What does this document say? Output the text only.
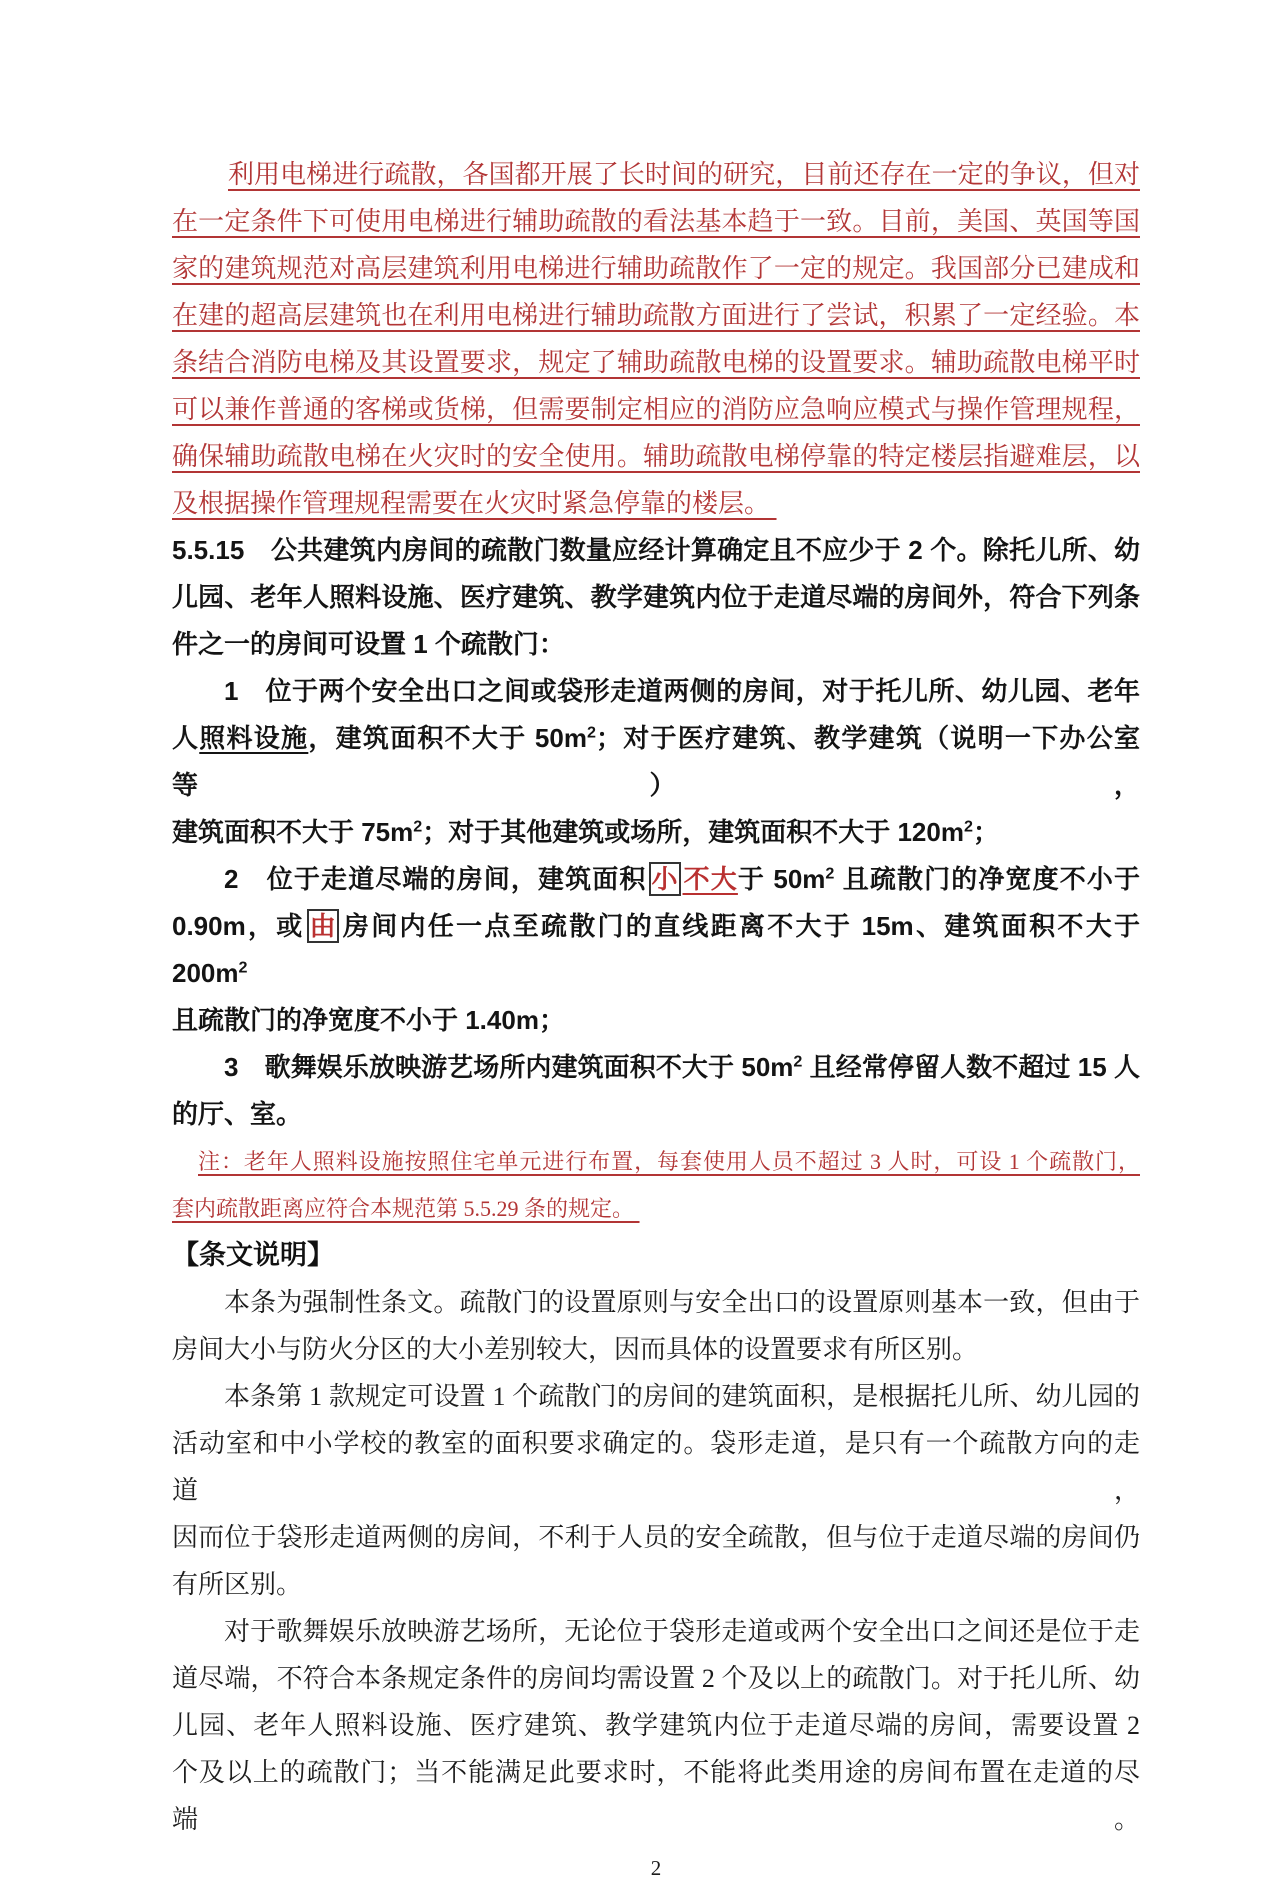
利用电梯进行疏散，各国都开展了长时间的研究，目前还存在一定的争议，但对
在一定条件下可使用电梯进行辅助疏散的看法基本趋于一致。目前，美国、英国等国
家的建筑规范对高层建筑利用电梯进行辅助疏散作了一定的规定。我国部分已建成和
在建的超高层建筑也在利用电梯进行辅助疏散方面进行了尝试，积累了一定经验。本
条结合消防电梯及其设置要求，规定了辅助疏散电梯的设置要求。辅助疏散电梯平时
可以兼作普通的客梯或货梯，但需要制定相应的消防应急响应模式与操作管理规程，
确保辅助疏散电梯在火灾时的安全使用。辅助疏散电梯停靠的特定楼层指避难层，以
及根据操作管理规程需要在火灾时紧急停靠的楼层。
5.5.15　 公共建筑内房间的疏散门数量应经计算确定且不应少于 2 个。除托儿所、幼
儿园、老年人照料设施、医疗建筑、教学建筑内位于走道尽端的房间外，符合下列条
件之一的房间可设置 1 个疏散门：
1　 位于两个安全出口之间或袋形走道两侧的房间，对于托儿所、幼儿园、老年
人照料设施，建筑面积不大于 $50m^2$；对于医疗建筑、教学建筑（说明一下办公室等），
建筑面积不大于 $75m^2$；对于其他建筑或场所，建筑面积不大于 $120m^2$；
2　 位于走道尽端的房间，建筑面积 小 不大于 $50m^2$ 且疏散门的净宽度不小于
0.90m，或 由 房间内任一点至疏散门的直线距离不大于 15m、建筑面积不大于 $200m^2$
且疏散门的净宽度不小于 1.40m；
3　 歌舞娱乐放映游艺场所内建筑面积不大于 $50m^2$ 且经常停留人数不超过 15 人
的厅、室。
注：老年人照料设施按照住宅单元进行布置，每套使用人员不超过 3 人时，可设 1 个疏散门，
套内疏散距离应符合本规范第 5.5.29 条的规定。
【条文说明】
本条为强制性条文。疏散门的设置原则与安全出口的设置原则基本一致，但由于
房间大小与防火分区的大小差别较大，因而具体的设置要求有所区别。
本条第 1 款规定可设置 1 个疏散门的房间的建筑面积，是根据托儿所、幼儿园的
活动室和中小学校的教室的面积要求确定的。袋形走道，是只有一个疏散方向的走道，
因而位于袋形走道两侧的房间，不利于人员的安全疏散，但与位于走道尽端的房间仍
有所区别。
对于歌舞娱乐放映游艺场所，无论位于袋形走道或两个安全出口之间还是位于走
道尽端，不符合本条规定条件的房间均需设置 2 个及以上的疏散门。对于托儿所、幼
儿园、老年人照料设施、医疗建筑、教学建筑内位于走道尽端的房间，需要设置 2
个及以上的疏散门；当不能满足此要求时，不能将此类用途的房间布置在走道的尽端。
2
